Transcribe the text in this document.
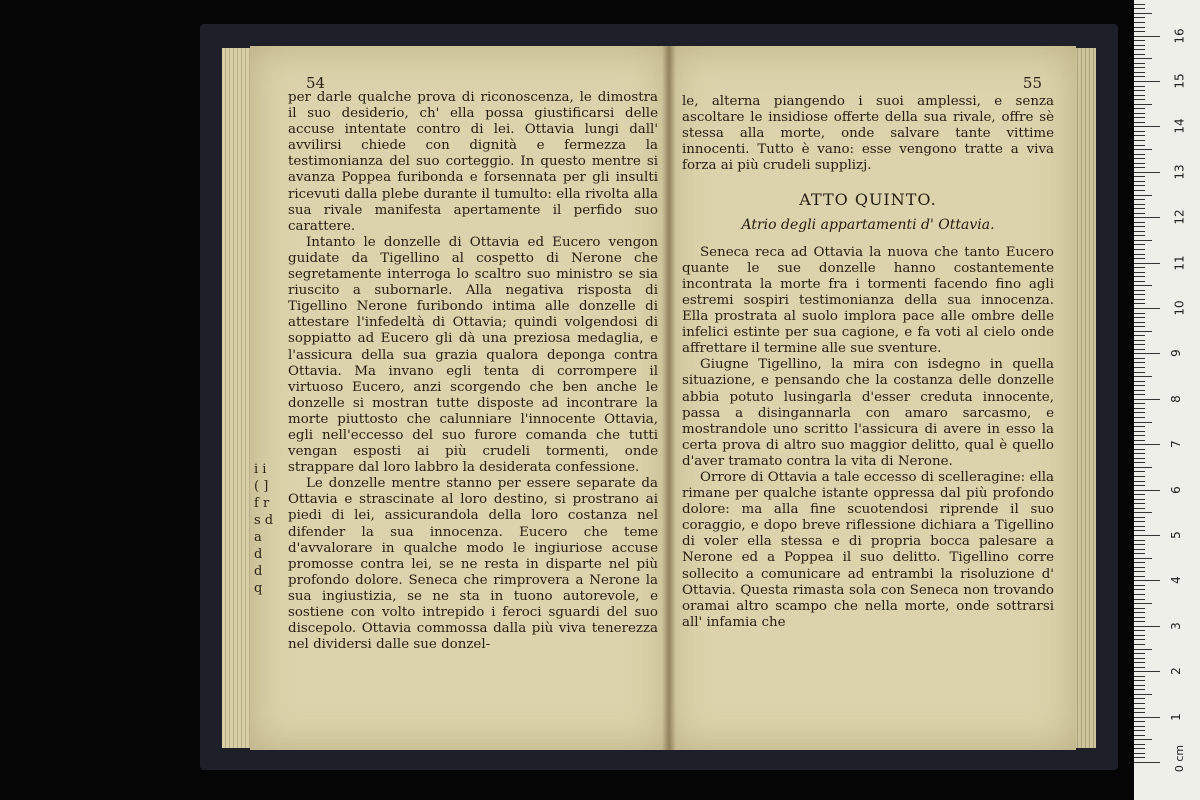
54
i i ( ] f r s d a d d q

per darle qualche prova di riconoscenza, le dimostra il suo desiderio, ch' ella possa giustificarsi delle accuse intentate contro di lei. Ottavia lungi dall' avvilirsi chiede con dignità e fermezza la testimonianza del suo corteggio. In questo mentre si avanza Poppea furibonda e forsennata per gli insulti ricevuti dalla plebe durante il tumulto: ella rivolta alla sua rivale manifesta apertamente il perfido suo carattere.

Intanto le donzelle di Ottavia ed Eucero vengon guidate da Tigellino al cospetto di Nerone che segretamente interroga lo scaltro suo ministro se sia riuscito a subornarle. Alla negativa risposta di Tigellino Nerone furibondo intima alle donzelle di attestare l'infedeltà di Ottavia; quindi volgendosi di soppiatto ad Eucero gli dà una preziosa medaglia, e l'assicura della sua grazia qualora deponga contra Ottavia. Ma invano egli tenta di corrompere il virtuoso Eucero, anzi scorgendo che ben anche le donzelle si mostran tutte disposte ad incontrare la morte piuttosto che calunniare l'innocente Ottavia, egli nell'eccesso del suo furore comanda che tutti vengan esposti ai più crudeli tormenti, onde strappare dal loro labbro la desiderata confessione.

Le donzelle mentre stanno per essere separate da Ottavia e strascinate al loro destino, si prostrano ai piedi di lei, assicurandola della loro costanza nel difender la sua innocenza. Eucero che teme d'avvalorare in qualche modo le ingiuriose accuse promosse contra lei, se ne resta in disparte nel più profondo dolore. Seneca che rimprovera a Nerone la sua ingiustizia, se ne sta in tuono autorevole, e sostiene con volto intrepido i feroci sguardi del suo discepolo. Ottavia commossa dalla più viva tenerezza nel dividersi dalle sue donzel-

55

le, alterna piangendo i suoi amplessi, e senza ascoltare le insidiose offerte della sua rivale, offre sè stessa alla morte, onde salvare tante vittime innocenti. Tutto è vano: esse vengono tratte a viva forza ai più crudeli supplizj.

ATTO QUINTO.
Atrio degli appartamenti d' Ottavia.

Seneca reca ad Ottavia la nuova che tanto Eucero quante le sue donzelle hanno costantemente incontrata la morte fra i tormenti facendo fino agli estremi sospiri testimonianza della sua innocenza. Ella prostrata al suolo implora pace alle ombre delle infelici estinte per sua cagione, e fa voti al cielo onde affrettare il termine alle sue sventure.

Giugne Tigellino, la mira con isdegno in quella situazione, e pensando che la costanza delle donzelle abbia potuto lusingarla d'esser creduta innocente, passa a disingannarla con amaro sarcasmo, e mostrandole uno scritto l'assicura di avere in esso la certa prova di altro suo maggior delitto, qual è quello d'aver tramato contra la vita di Nerone.

Orrore di Ottavia a tale eccesso di scelleragine: ella rimane per qualche istante oppressa dal più profondo dolore: ma alla fine scuotendosi riprende il suo coraggio, e dopo breve riflessione dichiara a Tigellino di voler ella stessa e di propria bocca palesare a Nerone ed a Poppea il suo delitto. Tigellino corre sollecito a comunicare ad entrambi la risoluzione d' Ottavia. Questa rimasta sola con Seneca non trovando oramai altro scampo che nella morte, onde sottrarsi all' infamia che

0 cm
1
2
3
4
5
6
7
8
9
10
11
12
13
14
15
16
